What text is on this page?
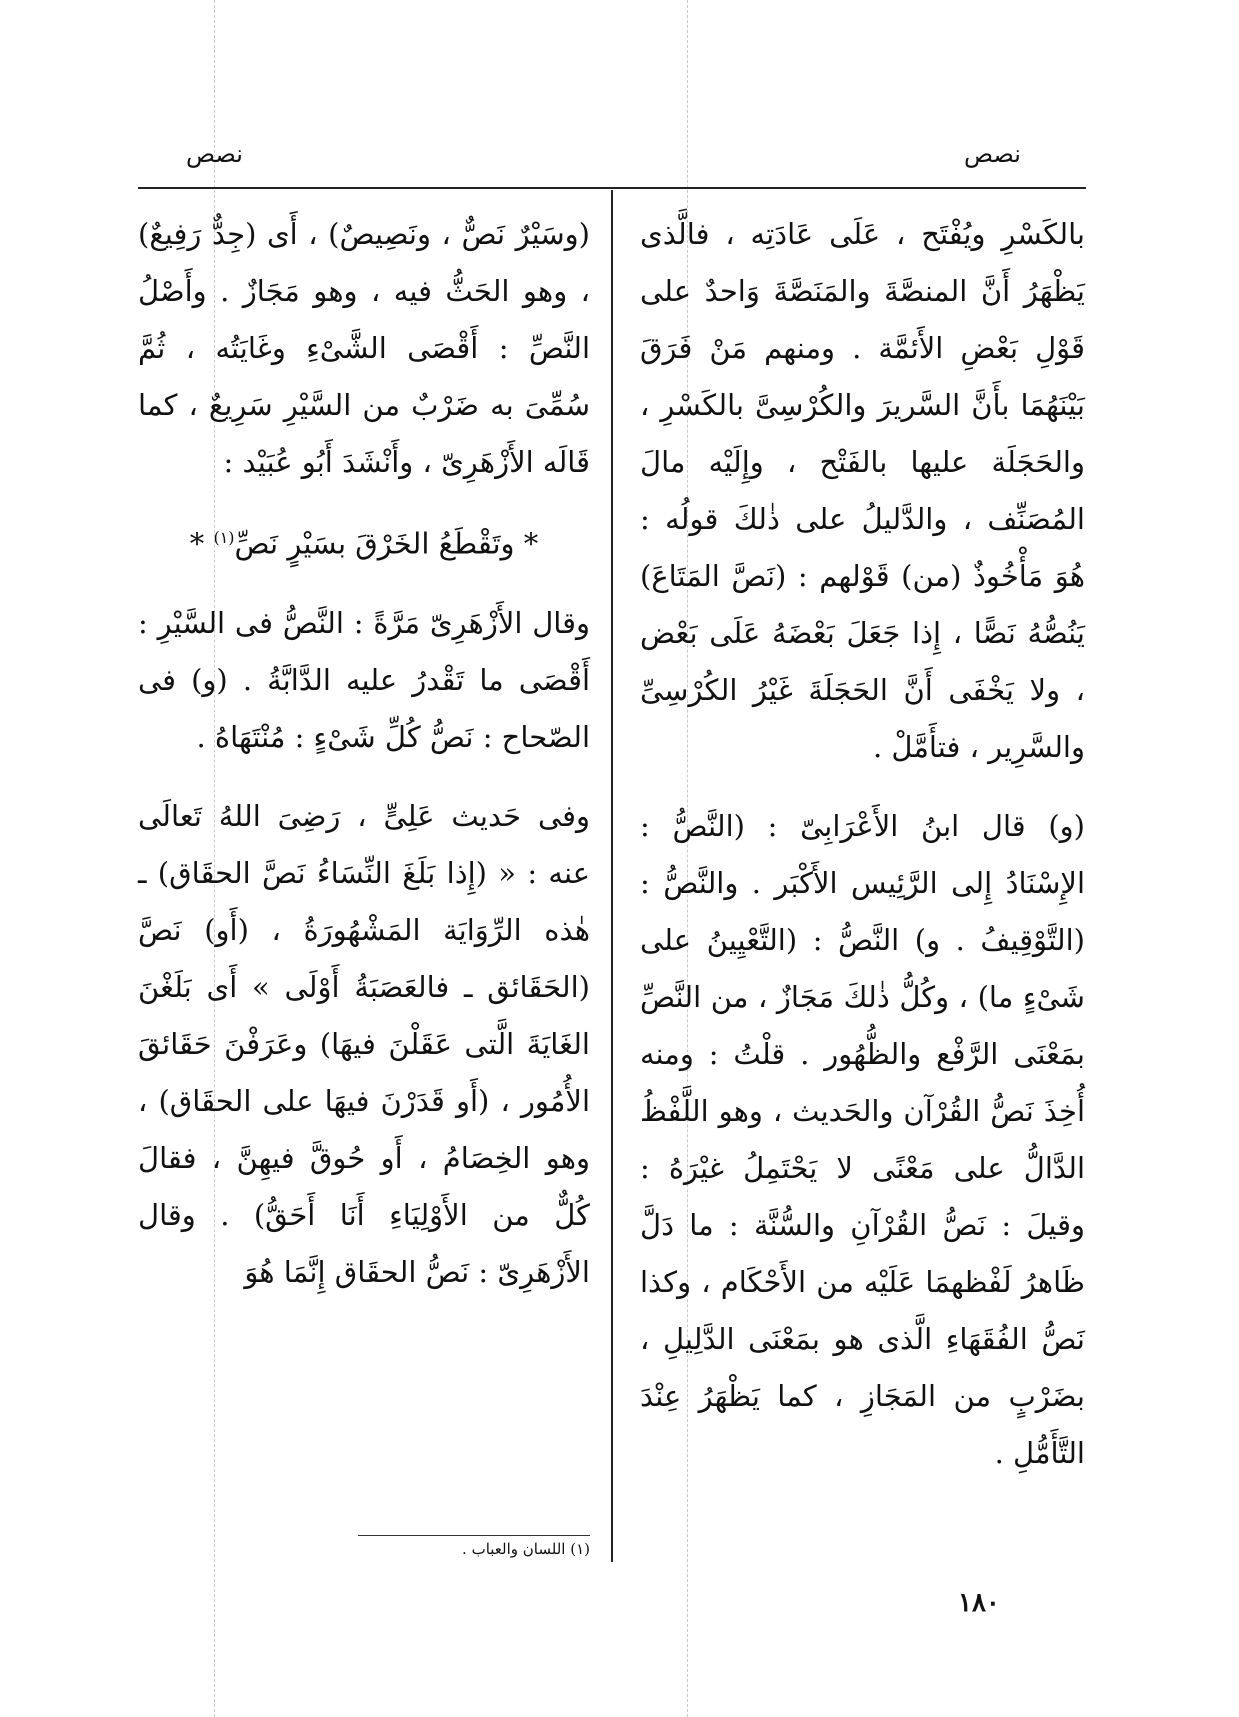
نصص	نصص

بالكَسْرِ ويُفْتَح ، عَلَى عَادَتِه ، فالَّذى يَظْهَرُ أَنَّ المنصَّةَ والمَنَصَّةَ وَاحدٌ على قَوْلِ بَعْضِ الأَئمَّة . ومنهم مَنْ فَرَقَ بَيْنَهُمَا بأَنَّ السَّريرَ والكُرْسِىَّ بالكَسْرِ ، والحَجَلَة عليها بالفَتْح ، وإِلَيْه مالَ المُصَنِّف ، والدَّليلُ على ذٰلكَ قولُه : هُوَ مَأْخُوذٌ (من) قَوْلهم : (نَصَّ المَتَاعَ) يَنُصُّهُ نَصًّا ، إِذا جَعَلَ بَعْضَهُ عَلَى بَعْض ، ولا يَخْفَى أَنَّ الحَجَلَةَ غَيْرُ الكُرْسِىِّ والسَّرِير ، فتأَمَّلْ .

(و) قال ابنُ الأَعْرَابِىّ : (النَّصُّ : الإِسْنَادُ إِلى الرَّئِيس الأَكْبَر . والنَّصُّ : (التَّوْقِيفُ . و) النَّصُّ : (التَّعْيِينُ على شَىْءٍ ما) ، وكُلُّ ذٰلكَ مَجَازٌ ، من النَّصِّ بمَعْنَى الرَّفْع والظُّهُور . قلْتُ : ومنه أُخِذَ نَصُّ القُرْآن والحَديث ، وهو اللَّفْظُ الدَّالُّ على مَعْنًى لا يَحْتَمِلُ غيْرَهُ : وقيلَ : نَصُّ القُرْآنِ والسُّنَّة : ما دَلَّ ظَاهرُ لَفْظهمَا عَلَيْه من الأَحْكَام ، وكذا نَصُّ الفُقَهَاءِ الَّذى هو بمَعْنَى الدَّلِيلِ ، بضَرْبٍ من المَجَازِ ، كما يَظْهَرُ عِنْدَ التَّأَمُّلِ .

(وسَيْرٌ نَصٌّ ، ونَصِيصٌ) ، أَى (جِدٌّ رَفِيعٌ) ، وهو الحَثُّ فيه ، وهو مَجَازٌ . وأَصْلُ النَّصِّ : أَقْصَى الشَّىْءِ وغَايَتُه ، ثُمَّ سُمِّىَ به ضَرْبٌ من السَّيْرِ سَرِيعٌ ، كما قَالَه الأَزْهَرِىّ ، وأَنْشَدَ أَبُو عُبَيْد :

* وتَقْطَعُ الخَرْقَ بسَيْرٍ نَصِّ$^{(١)}$ *

وقال الأَزْهَرِىّ مَرَّةً : النَّصُّ فى السَّيْرِ : أَقْصَى ما تَقْدرُ عليه الدَّابَّةُ . (و) فى الصّحاح : نَصُّ كُلِّ شَىْءٍ : مُنْتَهَاهُ .

وفى حَديث عَلِىٍّ ، رَضِىَ اللهُ تَعالَى عنه : « (إِذا بَلَغَ النِّسَاءُ نَصَّ الحقَاق) ـ هٰذه الرِّوَايَة المَشْهُورَةُ ، (أَو) نَصَّ (الحَقَائق ـ فالعَصَبَةُ أَوْلَى » أَى بَلَغْنَ الغَايَةَ الَّتى عَقَلْنَ فيهَا) وعَرَفْنَ حَقَائقَ الأُمُور ، (أَو قَدَرْنَ فيهَا على الحقَاق) ، وهو الخِصَامُ ، أَو حُوقَّ فيهِنَّ ، فقالَ كُلٌّ من الأَوْلِيَاءِ أَنَا أَحَقُّ) . وقال الأَزْهَرِىّ : نَصُّ الحقَاق إِنَّمَا هُوَ

(١) اللسان والعباب .
١٨٠
